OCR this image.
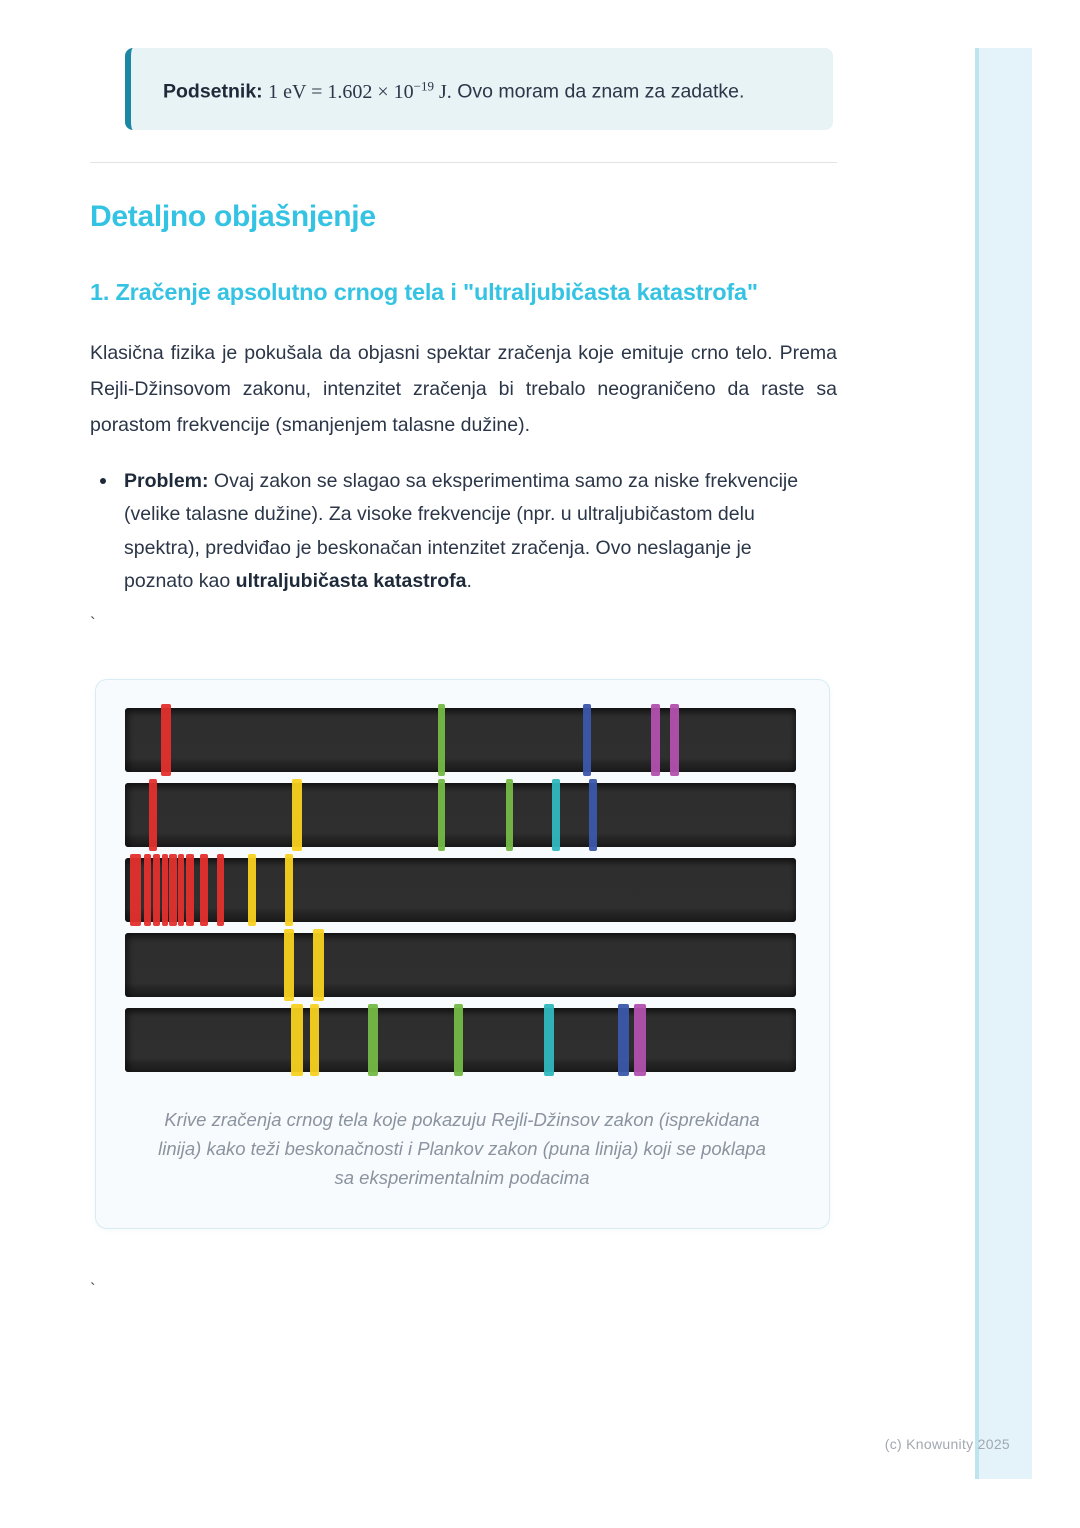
Podsetnik: 1 eV = $1.602 \times 10^{-19}$ J. Ovo moram da znam za zadatke.
Detaljno objašnjenje
1. Zračenje apsolutno crnog tela i "ultraljubičasta katastrofa"

Klasična fizika je pokušala da objasni spektar zračenja koje emituje crno telo. Prema Rejli-Džinsovom zakonu, intenzitet zračenja bi trebalo neograničeno da raste sa porastom frekvencije (smanjenjem talasne dužine).

Problem: Ovaj zakon se slagao sa eksperimentima samo za niske frekvencije (velike talasne dužine). Za visoke frekvencije (npr. u ultraljubičastom delu spektra), predviđao je beskonačan intenzitet zračenja. Ovo neslaganje je poznato kao ultraljubičasta katastrofa.
`
Krive zračenja crnog tela koje pokazuju Rejli-Džinsov zakon (isprekidana linija) kako teži beskonačnosti i Plankov zakon (puna linija) koji se poklapa sa eksperimentalnim podacima
`
(c) Knowunity 2025
